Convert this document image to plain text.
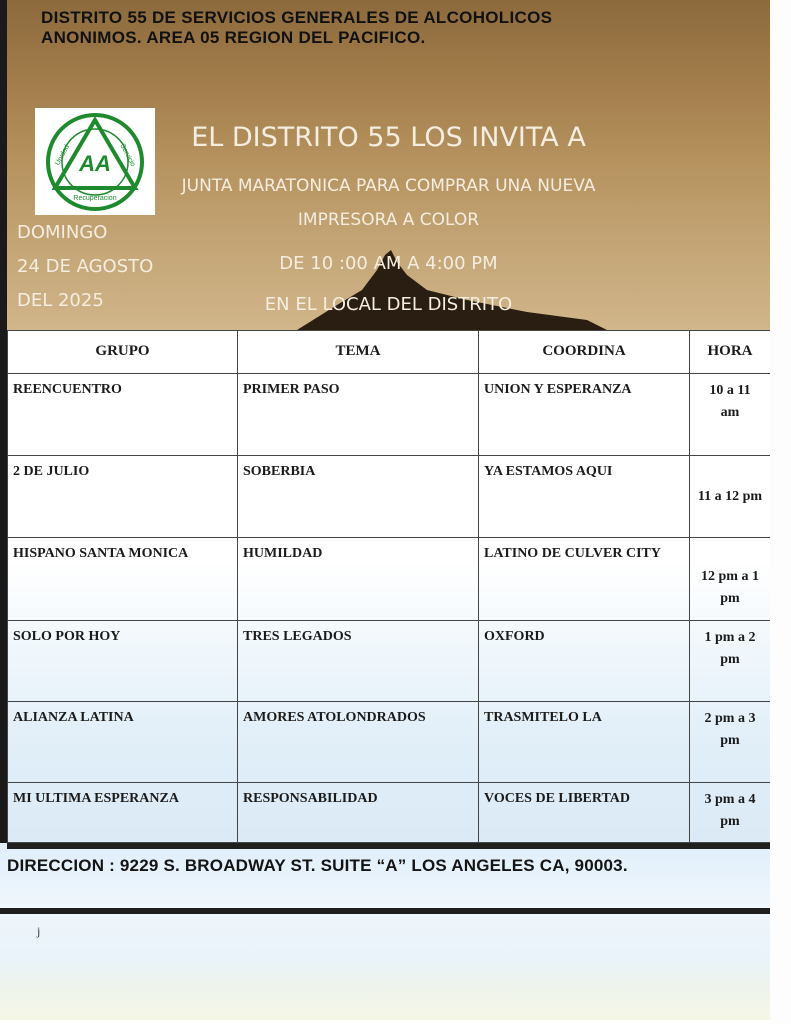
DISTRITO 55 DE SERVICIOS GENERALES DE ALCOHOLICOS
ANONIMOS. AREA 05 REGION DEL PACIFICO.
AA
Unidad	Servicio
Recuperacion
EL DISTRITO 55 LOS INVITA A
JUNTA MARATONICA PARA COMPRAR UNA NUEVA
IMPRESORA A COLOR
DE 10 :00 AM A 4:00 PM
EN EL LOCAL DEL DISTRITO
DOMINGO
24 DE AGOSTO
DEL 2025
GRUPO	TEMA	COORDINA	HORA
REENCUENTRO	PRIMER PASO	UNION Y ESPERANZA	10 a 11
am

2 DE JULIO	SOBERBIA	YA ESTAMOS AQUI	11 a 12 pm

HISPANO SANTA MONICA	HUMILDAD	LATINO DE CULVER CITY	12 pm a 1
pm

SOLO POR HOY	TRES LEGADOS	OXFORD	1 pm a 2
pm

ALIANZA LATINA	AMORES ATOLONDRADOS	TRASMITELO LA	2 pm a 3
pm

MI ULTIMA ESPERANZA	RESPONSABILIDAD	VOCES DE LIBERTAD	3 pm a 4
pm
DIRECCION : 9229 S. BROADWAY ST. SUITE “A” LOS ANGELES CA, 90003.
j
